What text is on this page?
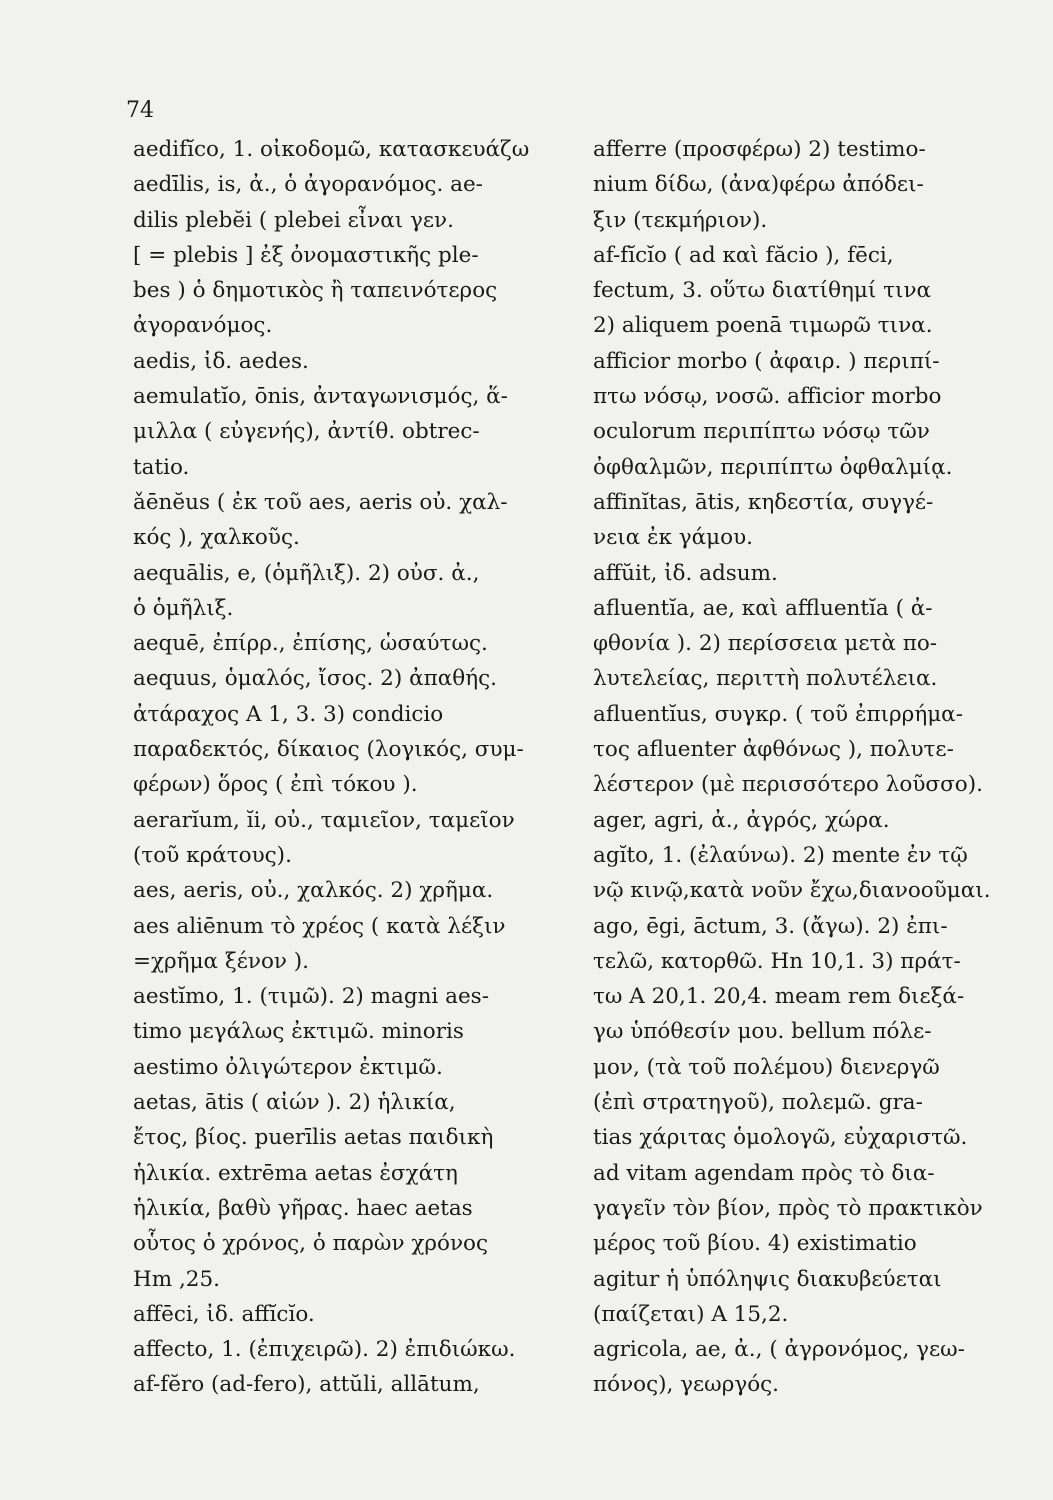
74
aedifĭco, 1. οἰκοδομῶ, κατασκευάζω
aedīlis, is, ἀ., ὁ ἀγορανόμος. ae-
dilis plebĕi ( plebei εἶναι γεν.
[ = plebis ] ἐξ ὀνομαστικῆς ple-
bes ) ὁ δημοτικὸς ἢ ταπεινότερος
ἀγορανόμος.
aedis, ἰδ. aedes.
aemulatĭo, ōnis, ἀνταγωνισμός, ἅ-
μιλλα ( εὐγενής), ἀντίθ. obtrec-
tatio.
ǎēnĕus ( ἐκ τοῦ aes, aeris οὐ. χαλ-
κός ), χαλκοῦς.
aequālis, e, (ὁμῆλιξ). 2) οὐσ. ἀ.,
ὁ ὁμῆλιξ.
aequē, ἐπίρρ., ἐπίσης, ὡσαύτως.
aequus, ὁμαλός, ἴσος. 2) ἀπαθής.
ἀτάραχος A 1, 3. 3) condicio
παραδεκτός, δίκαιος (λογικός, συμ-
φέρων) ὅρος ( ἐπὶ τόκου ).
aerarĭum, ĭi, οὐ., ταμιεῖον, ταμεῖον
(τοῦ κράτους).
aes, aeris, οὐ., χαλκός. 2) χρῆμα.
aes aliēnum τὸ χρέος ( κατὰ λέξιν
=χρῆμα ξένον ).
aestĭmo, 1. (τιμῶ). 2) magni aes-
timo μεγάλως ἐκτιμῶ. minoris
aestimo ὀλιγώτερον ἐκτιμῶ.
aetas, ātis ( αἰών ). 2) ἡλικία,
ἔτος, βίος. puerīlis aetas παιδικὴ
ἡλικία. extrēma aetas ἐσχάτη
ἡλικία, βαθὺ γῆρας. haec aetas
οὗτος ὁ χρόνος, ὁ παρὼν χρόνος
Hm ,25.
affēci, ἰδ. affĭcĭo.
affecto, 1. (ἐπιχειρῶ). 2) ἐπιδιώκω.
af-fĕro (ad-fero), attŭli, allātum,
afferre (προσφέρω) 2) testimo-
nium δίδω, (ἀνα)φέρω ἀπόδει-
ξιν (τεκμήριον).
af-fĭcĭo ( ad καὶ făcio ), fēci,
fectum, 3. οὕτω διατίθημί τινα
2) aliquem poenā τιμωρῶ τινα.
afficior morbo ( ἀφαιρ. ) περιπί-
πτω νόσῳ, νοσῶ. afficior morbo
oculorum περιπίπτω νόσῳ τῶν
ὀφθαλμῶν, περιπίπτω ὀφθαλμίᾳ.
affinĭtas, ātis, κηδεστία, συγγέ-
νεια ἐκ γάμου.
affŭit, ἰδ. adsum.
afluentĭa, ae, καὶ affluentĭa ( ἀ-
φθονία ). 2) περίσσεια μετὰ πο-
λυτελείας, περιττὴ πολυτέλεια.
afluentĭus, συγκρ. ( τοῦ ἐπιρρήμα-
τος afluenter ἀφθόνως ), πολυτε-
λέστερον (μὲ περισσότερο λοῦσσο).
ager, agri, ἀ., ἀγρός, χώρα.
agĭto, 1. (ἐλαύνω). 2) mente ἐν τῷ
νῷ κινῷ,κατὰ νοῦν ἔχω,διανοοῦμαι.
ago, ēgi, āctum, 3. (ἄγω). 2) ἐπι-
τελῶ, κατορθῶ. Hn 10,1. 3) πράτ-
τω A 20,1. 20,4. meam rem διεξά-
γω ὑπόθεσίν μου. bellum πόλε-
μον, (τὰ τοῦ πολέμου) διενεργῶ
(ἐπὶ στρατηγοῦ), πολεμῶ. gra-
tias χάριτας ὁμολογῶ, εὐχαριστῶ.
ad vitam agendam πρὸς τὸ δια-
γαγεῖν τὸν βίον, πρὸς τὸ πρακτικὸν
μέρος τοῦ βίου. 4) existimatio
agitur ἡ ὑπόληψις διακυβεύεται
(παίζεται) A 15,2.
agricola, ae, ἀ., ( ἀγρονόμος, γεω-
πόνος), γεωργός.
